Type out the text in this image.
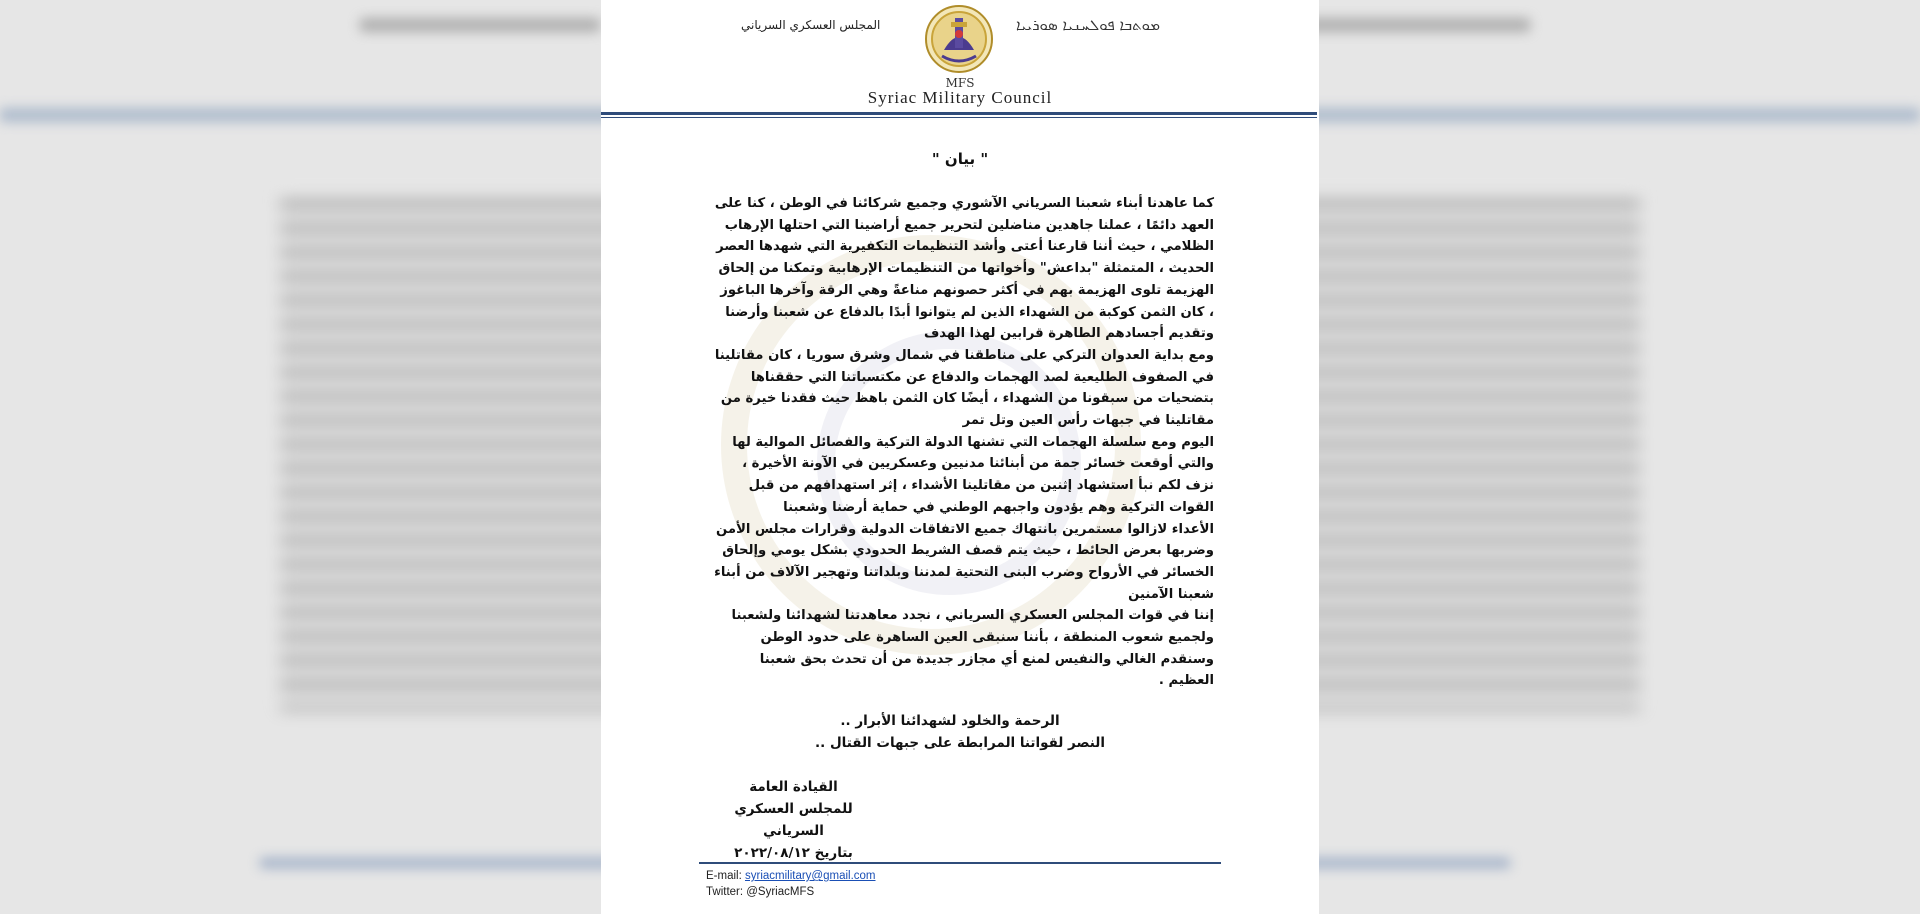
المجلس العسكري السرياني	ܡܘܬܒܐ ܦܘܠܚܢܝܐ ܣܘܪܝܝܐ
MFS
Syriac Military Council
" بيان "

كما عاهدنا أبناء شعبنا السرياني الآشوري وجميع شركائنا في الوطن ، كنا على العهد دائمًا ، عملنا جاهدين مناضلين لتحرير جميع أراضينا التي احتلها الإرهاب الظلامي ، حيث أننا قارعنا أعتى وأشد التنظيمات التكفيرية التي شهدها العصر الحديث ، المتمثلة "بداعش" وأخواتها من التنظيمات الإرهابية وتمكنا من إلحاق الهزيمة تلوى الهزيمة بهم في أكثر حصونهم مناعةً وهي الرقة وآخرها الباغوز ، كان الثمن كوكبة من الشهداء الذين لم يتوانوا أبدًا بالدفاع عن شعبنا وأرضنا وتقديم أجسادهم الطاهرة قرابين لهذا الهدف

ومع بداية العدوان التركي على مناطقنا في شمال وشرق سوريا ، كان مقاتلينا في الصفوف الطليعية لصد الهجمات والدفاع عن مكتسباتنا التي حققناها بتضحيات من سبقونا من الشهداء ، أيضًا كان الثمن باهظ حيث فقدنا خيرة من مقاتلينا في جبهات رأس العين وتل تمر

اليوم ومع سلسلة الهجمات التي تشنها الدولة التركية والفصائل الموالية لها والتي أوقعت خسائر جمة من أبنائنا مدنيين وعسكريين في الآونة الأخيرة ، نزف لكم نبأ استشهاد إثنين من مقاتلينا الأشداء ، إثر استهدافهم من قبل القوات التركية وهم يؤدون واجبهم الوطني في حماية أرضنا وشعبنا

الأعداء لازالوا مستمرين بانتهاك جميع الاتفاقات الدولية وقرارات مجلس الأمن وضربها بعرض الحائط ، حيث يتم قصف الشريط الحدودي بشكل يومي وإلحاق الخسائر في الأرواح وضرب البنى التحتية لمدننا وبلداتنا وتهجير الآلاف من أبناء شعبنا الآمنين

إننا في قوات المجلس العسكري السرياني ، نجدد معاهدتنا لشهدائنا ولشعبنا ولجميع شعوب المنطقة ، بأننا سنبقى العين الساهرة على حدود الوطن وسنقدم الغالي والنفيس لمنع أي مجازر جديدة من أن تحدث بحق شعبنا العظيم .

الرحمة والخلود لشهدائنا الأبرار ..
النصر لقواتنا المرابطة على جبهات القتال ..
القيادة العامة
للمجلس العسكري السرياني
بتاريخ ٢٠٢٢/٠٨/١٢
E-mail: syriacmilitary@gmail.com
Twitter: @SyriacMFS
